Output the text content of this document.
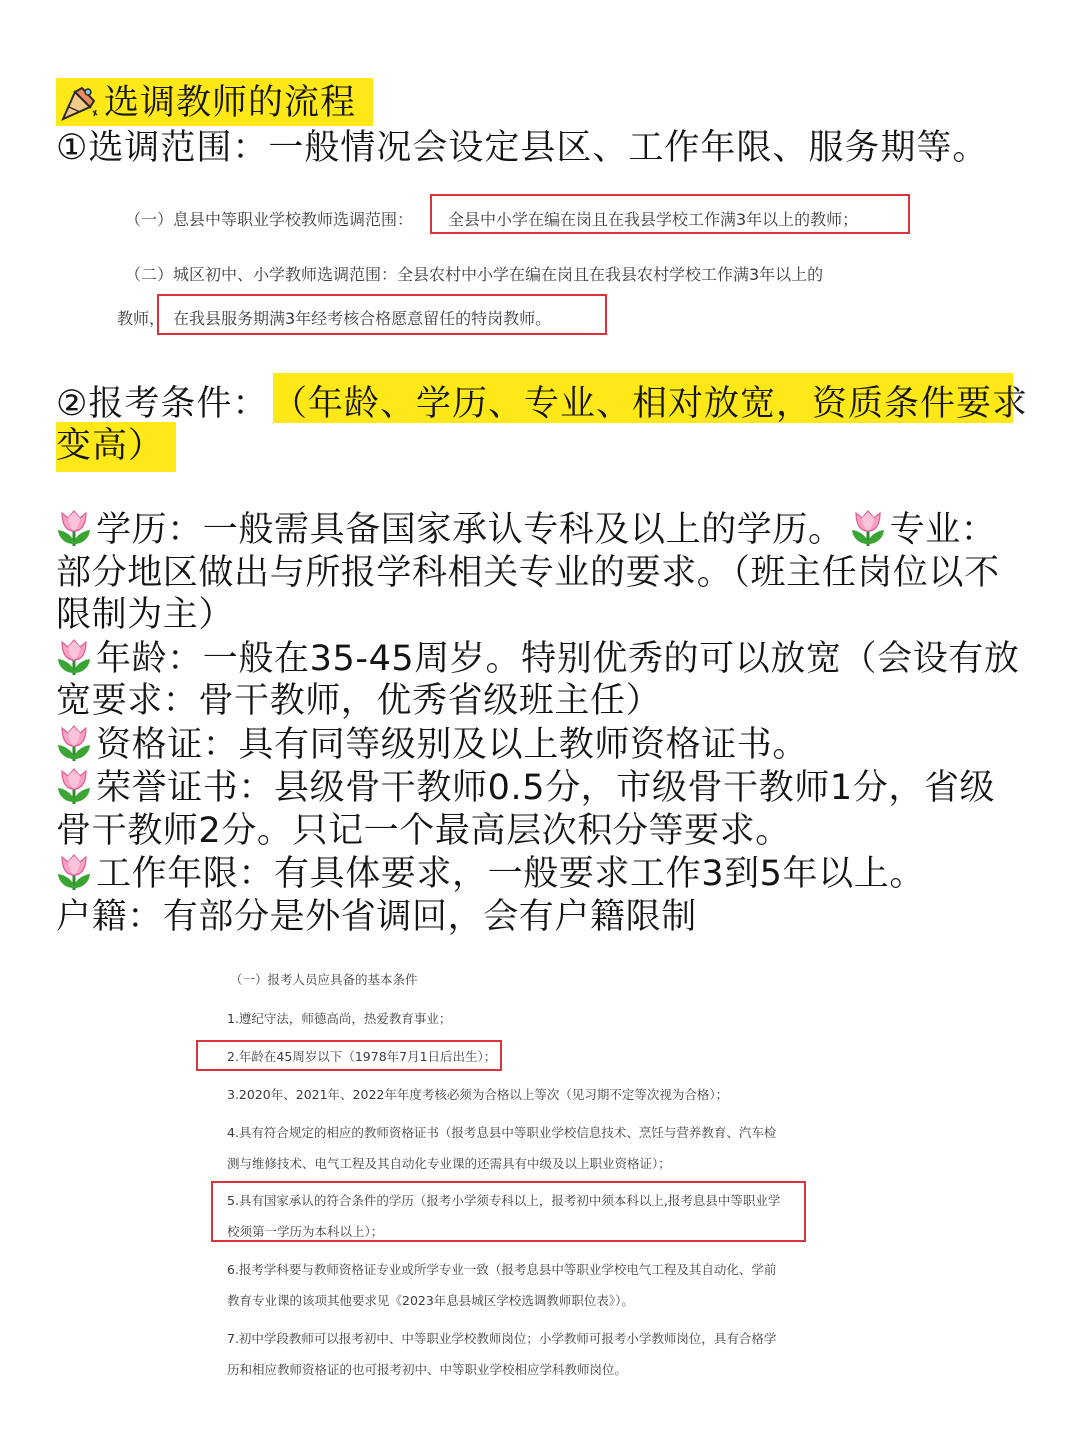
选调教师的流程
①选调范围：一般情况会设定县区、工作年限、服务期等。
（一）息县中等职业学校教师选调范围： 全县中小学在编在岗且在我县学校工作满3年以上的教师；
（二）城区初中、小学教师选调范围：全县农村中小学在编在岗且在我县农村学校工作满3年以上的
教师， 在我县服务期满3年经考核合格愿意留任的特岗教师。
②报考条件： （年龄、学历、专业、相对放宽，资质条件要求
变高）
学历：一般需具备国家承认专科及以上的学历。 专业：
部分地区做出与所报学科相关专业的要求。（班主任岗位以不
限制为主）
年龄：一般在35-45周岁。特别优秀的可以放宽（会设有放
宽要求：骨干教师，优秀省级班主任）
资格证：具有同等级别及以上教师资格证书。
荣誉证书：县级骨干教师0.5分，市级骨干教师1分，省级
骨干教师2分。只记一个最高层次积分等要求。
工作年限：有具体要求，一般要求工作3到5年以上。
户籍：有部分是外省调回，会有户籍限制
（一）报考人员应具备的基本条件
1.遵纪守法，师德高尚，热爱教育事业；
2.年龄在45周岁以下（1978年7月1日后出生）；
3.2020年、2021年、2022年年度考核必须为合格以上等次（见习期不定等次视为合格）；
4.具有符合规定的相应的教师资格证书（报考息县中等职业学校信息技术、烹饪与营养教育、汽车检
测与维修技术、电气工程及其自动化专业课的还需具有中级及以上职业资格证）；
5.具有国家承认的符合条件的学历（报考小学须专科以上，报考初中须本科以上,报考息县中等职业学
校须第一学历为本科以上）；
6.报考学科要与教师资格证专业或所学专业一致（报考息县中等职业学校电气工程及其自动化、学前
教育专业课的该项其他要求见《2023年息县城区学校选调教师职位表》）。
7.初中学段教师可以报考初中、中等职业学校教师岗位；小学教师可报考小学教师岗位，具有合格学
历和相应教师资格证的也可报考初中、中等职业学校相应学科教师岗位。
